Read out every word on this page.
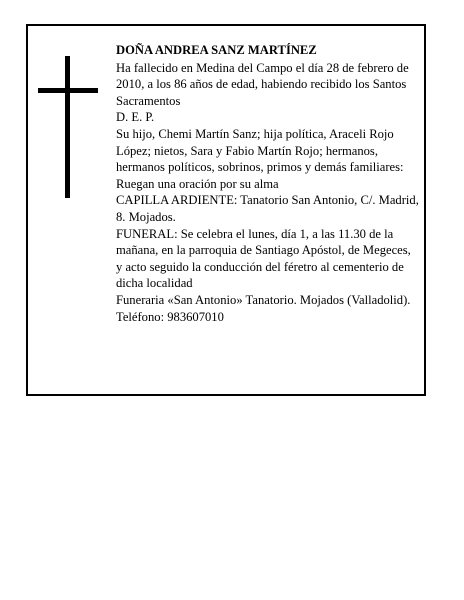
DOÑA ANDREA SANZ MARTÍNEZ

Ha fallecido en Medina del Campo el día 28 de febrero de 2010, a los 86 años de edad, habiendo recibido los Santos Sacramentos

D. E. P.

Su hijo, Chemi Martín Sanz; hija política, Araceli Rojo López; nietos, Sara y Fabio Martín Rojo; hermanos, hermanos políticos, sobrinos, primos y demás familiares:

Ruegan una oración por su alma

CAPILLA ARDIENTE: Tanatorio San Antonio, C/. Madrid, 8. Mojados.

FUNERAL: Se celebra el lunes, día 1, a las 11.30 de la mañana, en la parroquia de Santiago Apóstol, de Megeces, y acto seguido la conducción del féretro al cementerio de dicha localidad

Funeraria «San Antonio» Tanatorio. Mojados (Valladolid). Teléfono: 983607010
